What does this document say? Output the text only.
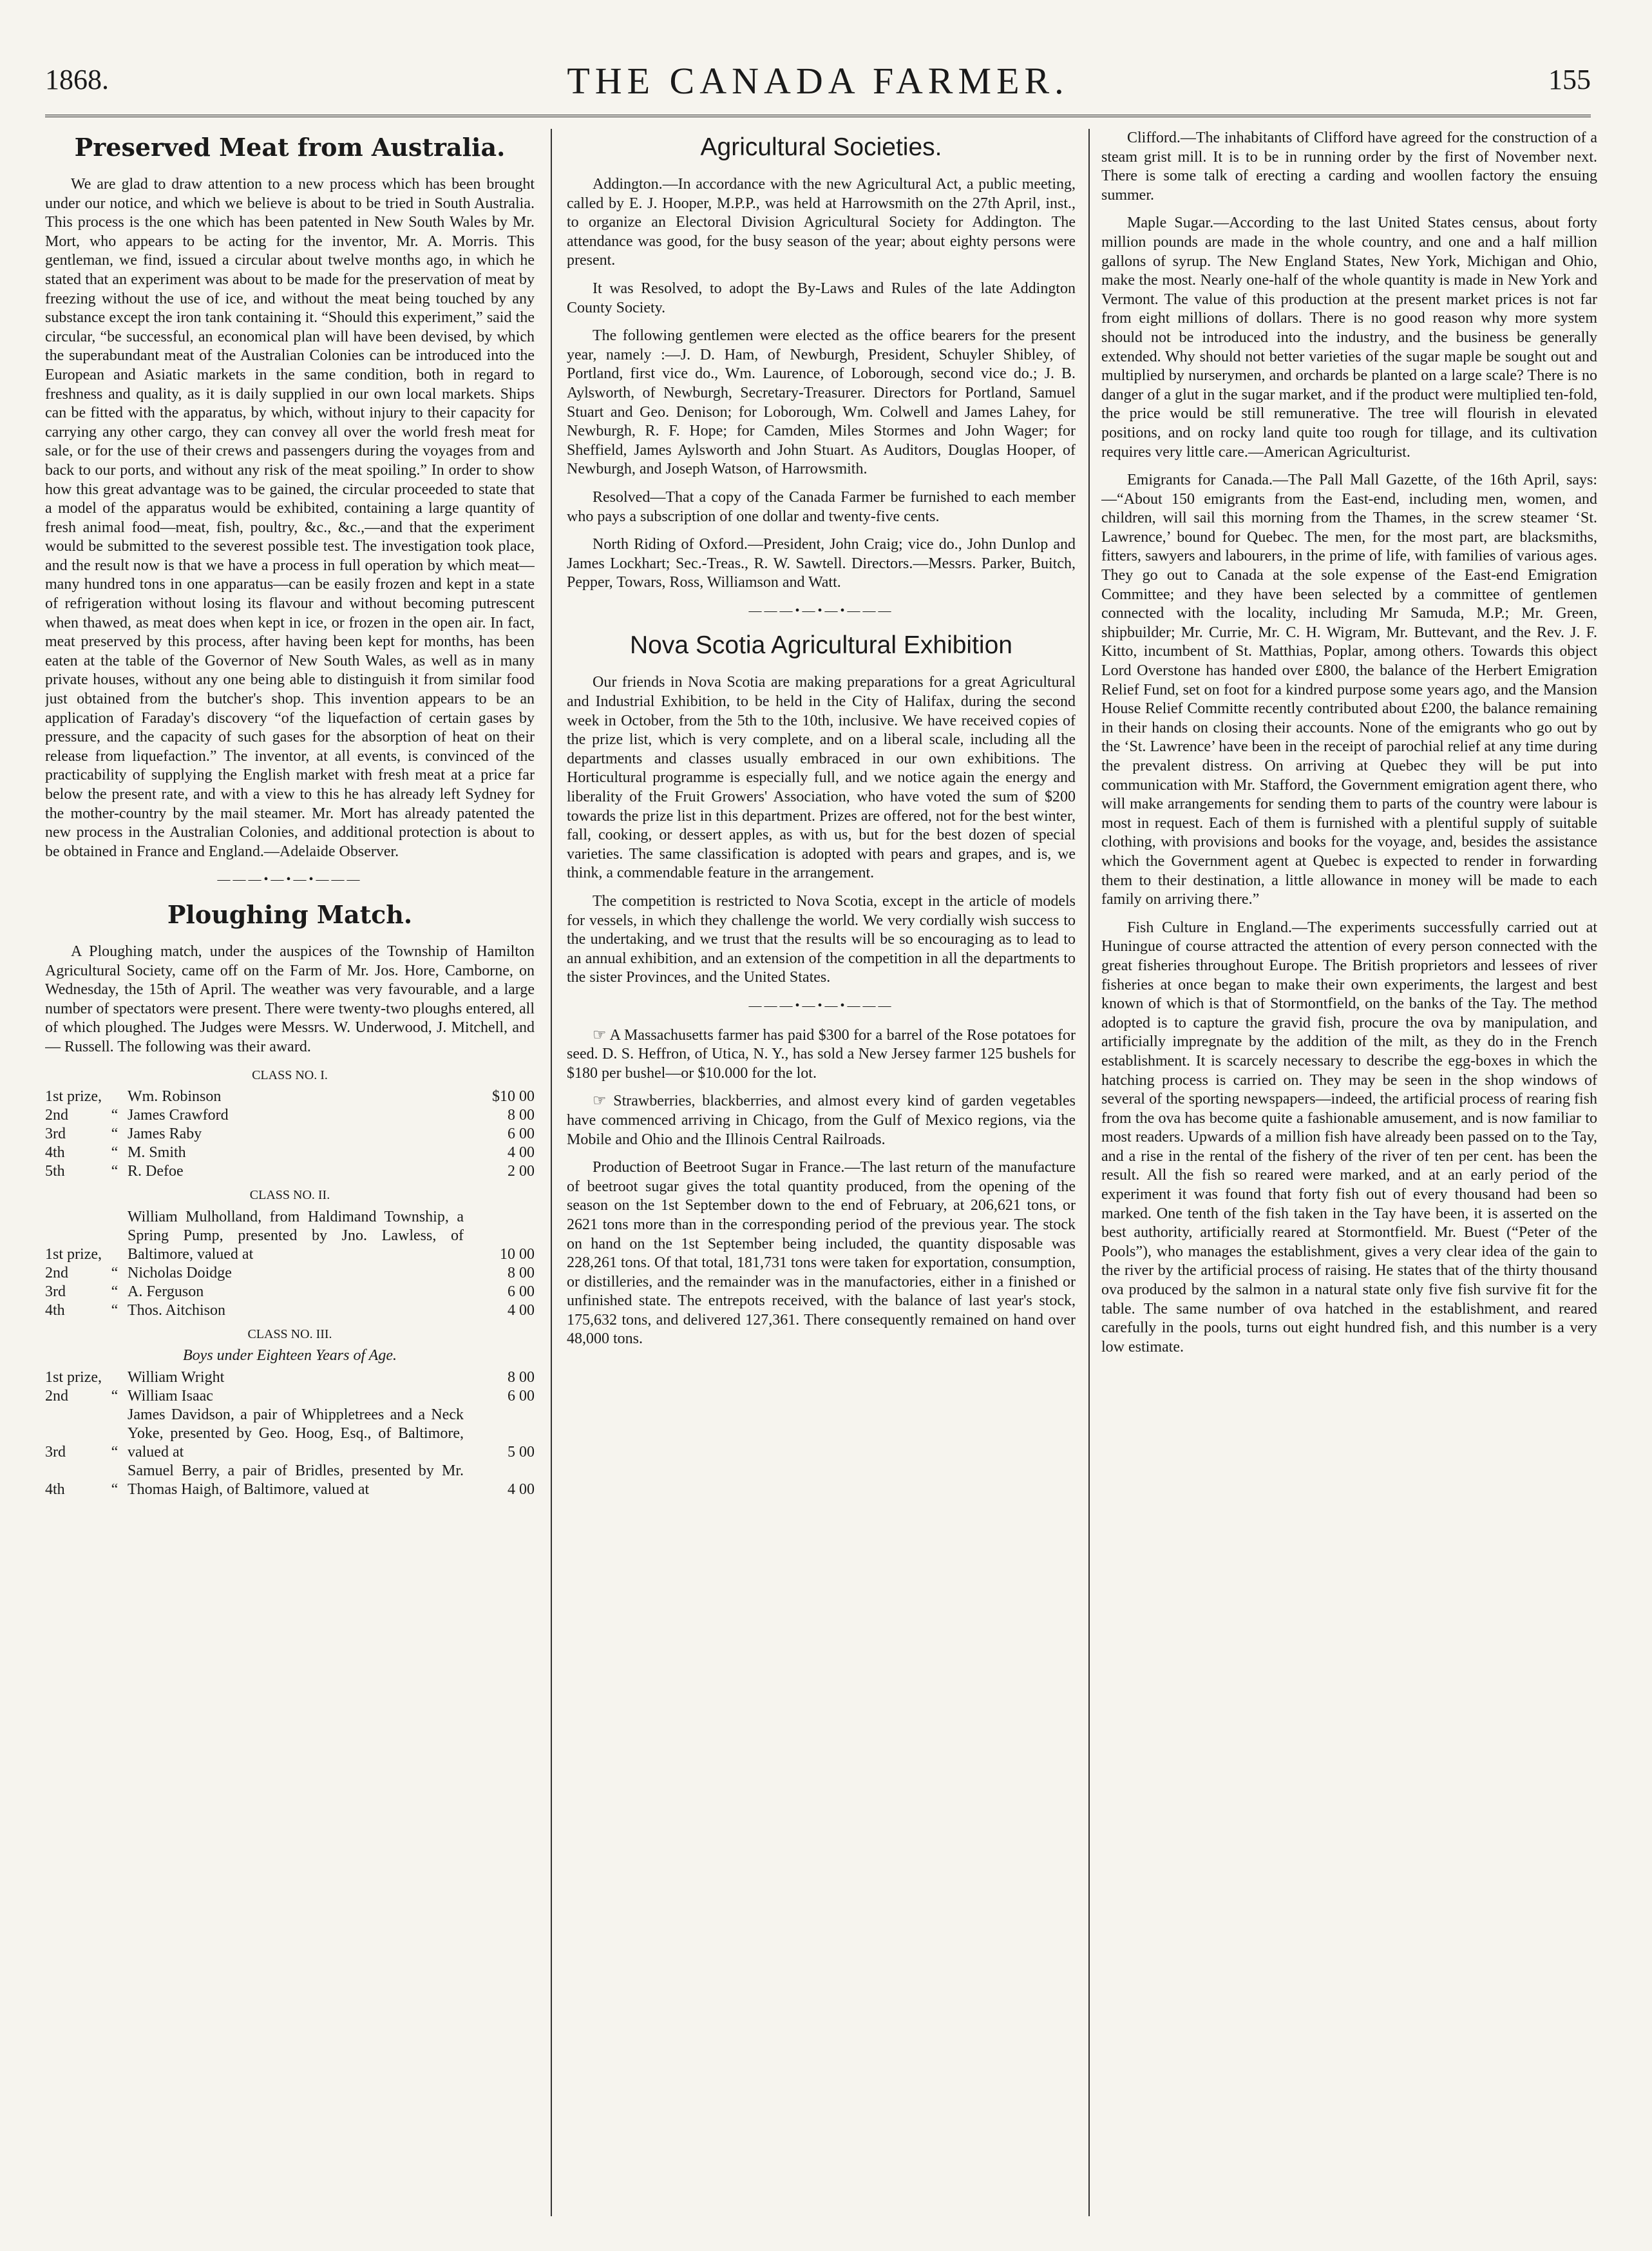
1868.	THE CANADA FARMER.	155
Preserved Meat from Australia.

We are glad to draw attention to a new process which has been brought under our notice, and which we believe is about to be tried in South Australia. This process is the one which has been patented in New South Wales by Mr. Mort, who appears to be acting for the inventor, Mr. A. Morris. This gentleman, we find, issued a circular about twelve months ago, in which he stated that an experiment was about to be made for the preservation of meat by freezing without the use of ice, and without the meat being touched by any substance except the iron tank containing it. “Should this experiment,” said the circular, “be successful, an economical plan will have been devised, by which the superabundant meat of the Australian Colonies can be introduced into the European and Asiatic markets in the same condition, both in regard to freshness and quality, as it is daily supplied in our own local markets. Ships can be fitted with the apparatus, by which, without injury to their capacity for carrying any other cargo, they can convey all over the world fresh meat for sale, or for the use of their crews and passengers during the voyages from and back to our ports, and without any risk of the meat spoiling.” In order to show how this great advantage was to be gained, the circular proceeded to state that a model of the apparatus would be exhibited, containing a large quantity of fresh animal food—meat, fish, poultry, &c., &c.,—and that the experiment would be submitted to the severest possible test. The investigation took place, and the result now is that we have a process in full operation by which meat—many hundred tons in one apparatus—can be easily frozen and kept in a state of refrigeration without losing its flavour and without becoming putrescent when thawed, as meat does when kept in ice, or frozen in the open air. In fact, meat preserved by this process, after having been kept for months, has been eaten at the table of the Governor of New South Wales, as well as in many private houses, without any one being able to distinguish it from similar food just obtained from the butcher's shop. This invention appears to be an application of Faraday's discovery “of the liquefaction of certain gases by pressure, and the capacity of such gases for the absorption of heat on their release from liquefaction.” The inventor, at all events, is convinced of the practicability of supplying the English market with fresh meat at a price far below the present rate, and with a view to this he has already left Sydney for the mother-country by the mail steamer. Mr. Mort has already patented the new process in the Australian Colonies, and additional protection is about to be obtained in France and England.—Adelaide Observer.

———•—•—•———
Ploughing Match.

A Ploughing match, under the auspices of the Township of Hamilton Agricultural Society, came off on the Farm of Mr. Jos. Hore, Camborne, on Wednesday, the 15th of April. The weather was very favourable, and a large number of spectators were present. There were twenty-two ploughs entered, all of which ploughed. The Judges were Messrs. W. Underwood, J. Mitchell, and — Russell. The following was their award.

CLASS NO. I.
1st prize,		Wm. Robinson	$10 00
2nd	“	James Crawford	8 00
3rd	“	James Raby	6 00
4th	“	M. Smith	4 00
5th	“	R. Defoe	2 00
CLASS NO. II.
1st prize,		William Mulholland, from Haldimand Township, a Spring Pump, presented by Jno. Lawless, of Baltimore, valued at	10 00
2nd	“	Nicholas Doidge	8 00
3rd	“	A. Ferguson	6 00
4th	“	Thos. Aitchison	4 00
CLASS NO. III.
Boys under Eighteen Years of Age.
1st prize,		William Wright	8 00
2nd	“	William Isaac	6 00
3rd	“	James Davidson, a pair of Whippletrees and a Neck Yoke, presented by Geo. Hoog, Esq., of Baltimore, valued at	5 00
4th	“	Samuel Berry, a pair of Bridles, presented by Mr. Thomas Haigh, of Baltimore, valued at	4 00
Agricultural Societies.

Addington.—In accordance with the new Agricultural Act, a public meeting, called by E. J. Hooper, M.P.P., was held at Harrowsmith on the 27th April, inst., to organize an Electoral Division Agricultural Society for Addington. The attendance was good, for the busy season of the year; about eighty persons were present.

It was Resolved, to adopt the By-Laws and Rules of the late Addington County Society.

The following gentlemen were elected as the office bearers for the present year, namely :—J. D. Ham, of Newburgh, President, Schuyler Shibley, of Portland, first vice do., Wm. Laurence, of Loborough, second vice do.; J. B. Aylsworth, of Newburgh, Secretary-Treasurer. Directors for Portland, Samuel Stuart and Geo. Denison; for Loborough, Wm. Colwell and James Lahey, for Newburgh, R. F. Hope; for Camden, Miles Stormes and John Wager; for Sheffield, James Aylsworth and John Stuart. As Auditors, Douglas Hooper, of Newburgh, and Joseph Watson, of Harrowsmith.

Resolved—That a copy of the Canada Farmer be furnished to each member who pays a subscription of one dollar and twenty-five cents.

North Riding of Oxford.—President, John Craig; vice do., John Dunlop and James Lockhart; Sec.-Treas., R. W. Sawtell. Directors.—Messrs. Parker, Buitch, Pepper, Towars, Ross, Williamson and Watt.

———•—•—•———
Nova Scotia Agricultural Exhibition

Our friends in Nova Scotia are making preparations for a great Agricultural and Industrial Exhibition, to be held in the City of Halifax, during the second week in October, from the 5th to the 10th, inclusive. We have received copies of the prize list, which is very complete, and on a liberal scale, including all the departments and classes usually embraced in our own exhibitions. The Horticultural programme is especially full, and we notice again the energy and liberality of the Fruit Growers' Association, who have voted the sum of $200 towards the prize list in this department. Prizes are offered, not for the best winter, fall, cooking, or dessert apples, as with us, but for the best dozen of special varieties. The same classification is adopted with pears and grapes, and is, we think, a commendable feature in the arrangement.

The competition is restricted to Nova Scotia, except in the article of models for vessels, in which they challenge the world. We very cordially wish success to the undertaking, and we trust that the results will be so encouraging as to lead to an annual exhibition, and an extension of the competition in all the departments to the sister Provinces, and the United States.

———•—•—•———

☞ A Massachusetts farmer has paid $300 for a barrel of the Rose potatoes for seed. D. S. Heffron, of Utica, N. Y., has sold a New Jersey farmer 125 bushels for $180 per bushel—or $10.000 for the lot.

☞ Strawberries, blackberries, and almost every kind of garden vegetables have commenced arriving in Chicago, from the Gulf of Mexico regions, via the Mobile and Ohio and the Illinois Central Railroads.

Production of Beetroot Sugar in France.—The last return of the manufacture of beetroot sugar gives the total quantity produced, from the opening of the season on the 1st September down to the end of February, at 206,621 tons, or 2621 tons more than in the corresponding period of the previous year. The stock on hand on the 1st September being included, the quantity disposable was 228,261 tons. Of that total, 181,731 tons were taken for exportation, consumption, or distilleries, and the remainder was in the manufactories, either in a finished or unfinished state. The entrepots received, with the balance of last year's stock, 175,632 tons, and delivered 127,361. There consequently remained on hand over 48,000 tons.

Clifford.—The inhabitants of Clifford have agreed for the construction of a steam grist mill. It is to be in running order by the first of November next. There is some talk of erecting a carding and woollen factory the ensuing summer.

Maple Sugar.—According to the last United States census, about forty million pounds are made in the whole country, and one and a half million gallons of syrup. The New England States, New York, Michigan and Ohio, make the most. Nearly one-half of the whole quantity is made in New York and Vermont. The value of this production at the present market prices is not far from eight millions of dollars. There is no good reason why more system should not be introduced into the industry, and the business be generally extended. Why should not better varieties of the sugar maple be sought out and multiplied by nurserymen, and orchards be planted on a large scale? There is no danger of a glut in the sugar market, and if the product were multiplied ten-fold, the price would be still remunerative. The tree will flourish in elevated positions, and on rocky land quite too rough for tillage, and its cultivation requires very little care.—American Agriculturist.

Emigrants for Canada.—The Pall Mall Gazette, of the 16th April, says:—“About 150 emigrants from the East-end, including men, women, and children, will sail this morning from the Thames, in the screw steamer ‘St. Lawrence,’ bound for Quebec. The men, for the most part, are blacksmiths, fitters, sawyers and labourers, in the prime of life, with families of various ages. They go out to Canada at the sole expense of the East-end Emigration Committee; and they have been selected by a committee of gentlemen connected with the locality, including Mr Samuda, M.P.; Mr. Green, shipbuilder; Mr. Currie, Mr. C. H. Wigram, Mr. Buttevant, and the Rev. J. F. Kitto, incumbent of St. Matthias, Poplar, among others. Towards this object Lord Overstone has handed over £800, the balance of the Herbert Emigration Relief Fund, set on foot for a kindred purpose some years ago, and the Mansion House Relief Committe recently contributed about £200, the balance remaining in their hands on closing their accounts. None of the emigrants who go out by the ‘St. Lawrence’ have been in the receipt of parochial relief at any time during the prevalent distress. On arriving at Quebec they will be put into communication with Mr. Stafford, the Government emigration agent there, who will make arrangements for sending them to parts of the country were labour is most in request. Each of them is furnished with a plentiful supply of suitable clothing, with provisions and books for the voyage, and, besides the assistance which the Government agent at Quebec is expected to render in forwarding them to their destination, a little allowance in money will be made to each family on arriving there.”

Fish Culture in England.—The experiments successfully carried out at Huningue of course attracted the attention of every person connected with the great fisheries throughout Europe. The British proprietors and lessees of river fisheries at once began to make their own experiments, the largest and best known of which is that of Stormontfield, on the banks of the Tay. The method adopted is to capture the gravid fish, procure the ova by manipulation, and artificially impregnate by the addition of the milt, as they do in the French establishment. It is scarcely necessary to describe the egg-boxes in which the hatching process is carried on. They may be seen in the shop windows of several of the sporting newspapers—indeed, the artificial process of rearing fish from the ova has become quite a fashionable amusement, and is now familiar to most readers. Upwards of a million fish have already been passed on to the Tay, and a rise in the rental of the fishery of the river of ten per cent. has been the result. All the fish so reared were marked, and at an early period of the experiment it was found that forty fish out of every thousand had been so marked. One tenth of the fish taken in the Tay have been, it is asserted on the best authority, artificially reared at Stormontfield. Mr. Buest (“Peter of the Pools”), who manages the establishment, gives a very clear idea of the gain to the river by the artificial process of raising. He states that of the thirty thousand ova produced by the salmon in a natural state only five fish survive fit for the table. The same number of ova hatched in the establishment, and reared carefully in the pools, turns out eight hundred fish, and this number is a very low estimate.
